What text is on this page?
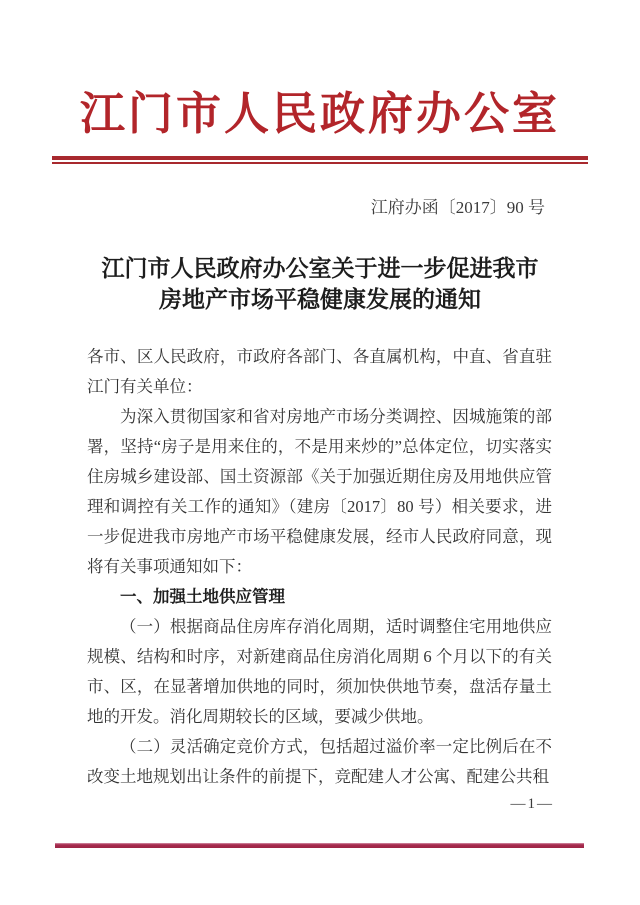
江门市人民政府办公室
江府办函〔2017〕90 号
江门市人民政府办公室关于进一步促进我市
房地产市场平稳健康发展的通知

各市、区人民政府，市政府各部门、各直属机构，中直、省直驻江门有关单位：

为深入贯彻国家和省对房地产市场分类调控、因城施策的部署，坚持“房子是用来住的，不是用来炒的”总体定位，切实落实住房城乡建设部、国土资源部《关于加强近期住房及用地供应管理和调控有关工作的通知》（建房〔2017〕80 号）相关要求，进一步促进我市房地产市场平稳健康发展，经市人民政府同意，现将有关事项通知如下：

一、加强土地供应管理

（一）根据商品住房库存消化周期，适时调整住宅用地供应规模、结构和时序，对新建商品住房消化周期 6 个月以下的有关市、区，在显著增加供地的同时，须加快供地节奏，盘活存量土地的开发。消化周期较长的区域，要减少供地。

（二）灵活确定竞价方式，包括超过溢价率一定比例后在不改变土地规划出让条件的前提下，竞配建人才公寓、配建公共租

—1—
